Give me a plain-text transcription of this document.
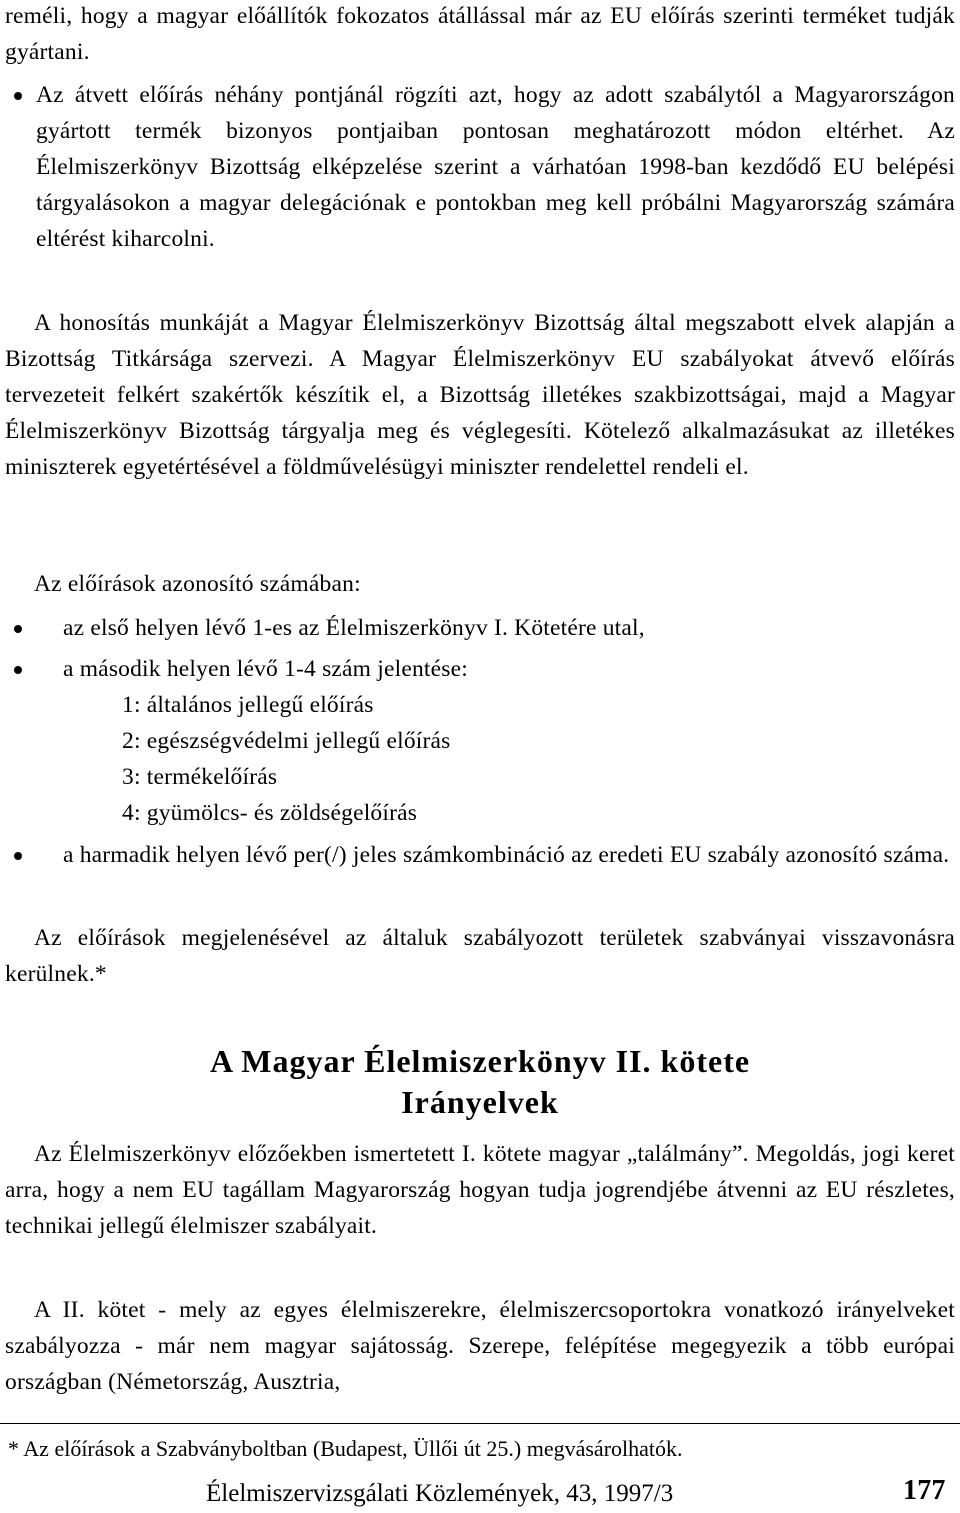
reméli, hogy a magyar előállítók fokozatos átállással már az EU előírás szerinti terméket tudják gyártani.

Az átvett előírás néhány pontjánál rögzíti azt, hogy az adott szabálytól a Magyarországon gyártott termék bizonyos pontjaiban pontosan meghatározott módon eltérhet. Az Élelmiszerkönyv Bizottság elképzelése szerint a várhatóan 1998-ban kezdődő EU belépési tárgyalásokon a magyar delegációnak e pontokban meg kell próbálni Magyarország számára eltérést kiharcolni.

A honosítás munkáját a Magyar Élelmiszerkönyv Bizottság által megszabott elvek alapján a Bizottság Titkársága szervezi. A Magyar Élelmiszerkönyv EU szabályokat átvevő előírás tervezeteit felkért szakértők készítik el, a Bizottság illetékes szakbizottságai, majd a Magyar Élelmiszerkönyv Bizottság tárgyalja meg és véglegesíti. Kötelező alkalmazásukat az illetékes miniszterek egyetértésével a földművelésügyi miniszter rendelettel rendeli el.

Az előírások azonosító számában:

az első helyen lévő 1-es az Élelmiszerkönyv I. Kötetére utal,
a második helyen lévő 1-4 szám jelentése:
1: általános jellegű előírás
2: egészségvédelmi jellegű előírás
3: termékelőírás
4: gyümölcs- és zöldségelőírás
a harmadik helyen lévő per(/) jeles számkombináció az eredeti EU szabály azonosító száma.

Az előírások megjelenésével az általuk szabályozott területek szabványai visszavonásra kerülnek.*

A Magyar Élelmiszerkönyv II. kötete
Irányelvek

Az Élelmiszerkönyv előzőekben ismertetett I. kötete magyar „találmány”. Megoldás, jogi keret arra, hogy a nem EU tagállam Magyarország hogyan tudja jogrendjébe átvenni az EU részletes, technikai jellegű élelmiszer szabályait.

A II. kötet - mely az egyes élelmiszerekre, élelmiszercsoportokra vonatkozó irányelveket szabályozza - már nem magyar sajátosság. Szerepe, felépítése megegyezik a több európai országban (Németország, Ausztria,

* Az előírások a Szabványboltban (Budapest, Üllői út 25.) megvásárolhatók.
Élelmiszervizsgálati Közlemények, 43, 1997/3	177
